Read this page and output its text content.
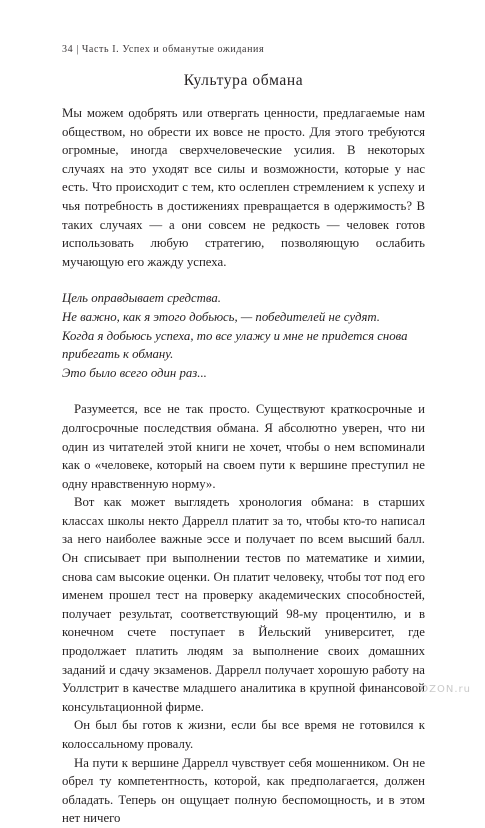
34 | Часть I. Успех и обманутые ожидания
Культура обмана

Мы можем одобрять или отвергать ценности, предлагаемые нам обществом, но обрести их вовсе не просто. Для этого требуются огромные, иногда сверхчеловеческие усилия. В некоторых случаях на это уходят все силы и возможности, которые у нас есть. Что происходит с тем, кто ослеплен стремлением к успеху и чья потребность в достижениях превращается в одержимость? В таких случаях — а они совсем не редкость — человек готов использовать любую стратегию, позволяющую ослабить мучающую его жажду успеха.

Цель оправдывает средства.

Не важно, как я этого добьюсь, — победителей не судят.

Когда я добьюсь успеха, то все улажу и мне не придется снова прибегать к обману.

Это было всего один раз...

Разумеется, все не так просто. Существуют краткосрочные и долгосрочные последствия обмана. Я абсолютно уверен, что ни один из читателей этой книги не хочет, чтобы о нем вспоминали как о «человеке, который на своем пути к вершине преступил не одну нравственную норму».

Вот как может выглядеть хронология обмана: в старших классах школы некто Даррелл платит за то, чтобы кто-то написал за него наиболее важные эссе и получает по всем высший балл. Он списывает при выполнении тестов по математике и химии, снова сам высокие оценки. Он платит человеку, чтобы тот под его именем прошел тест на проверку академических способностей, получает результат, соответствующий 98-му процентилю, и в конечном счете поступает в Йельский университет, где продолжает платить людям за выполнение своих домашних заданий и сдачу экзаменов. Даррелл получает хорошую работу на Уоллстрит в качестве младшего аналитика в крупной финансовой консультационной фирме.

Он был бы готов к жизни, если бы все время не готовился к колоссальному провалу.

На пути к вершине Даррелл чувствует себя мошенником. Он не обрел ту компетентность, которой, как предполагается, должен обладать. Теперь он ощущает полную беспомощность, и в этом нет ничего

OZON.ru
